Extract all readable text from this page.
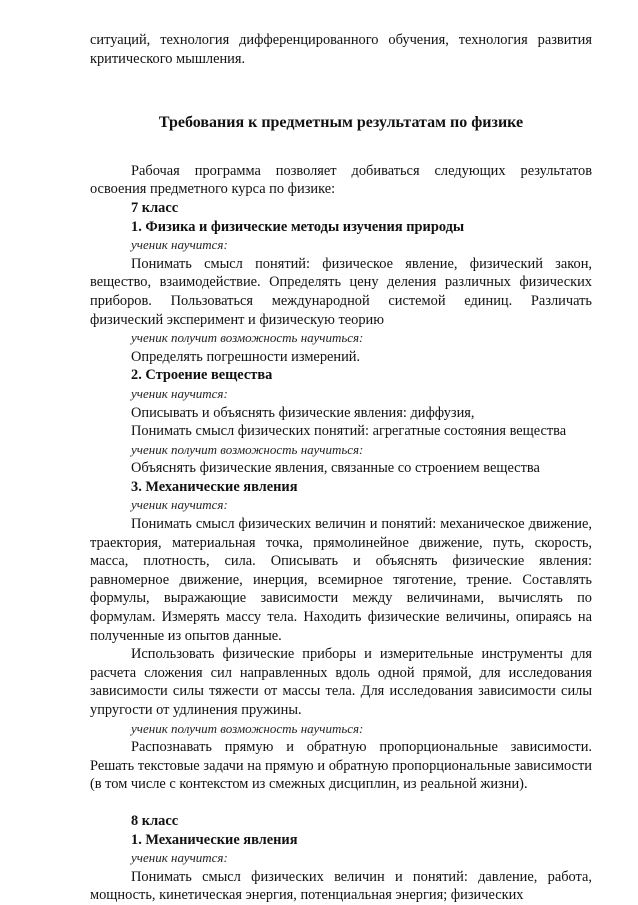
ситуаций, технология дифференцированного обучения, технология развития критического мышления.

Требования к предметным результатам по физике

Рабочая программа позволяет добиваться следующих результатов освоения предметного курса по физике:

7 класс

1. Физика и физические методы изучения природы

ученик научится:

Понимать смысл понятий: физическое явление, физический закон, вещество, взаимодействие. Определять цену деления различных физических приборов. Пользоваться международной системой единиц. Различать физический эксперимент и физическую теорию

ученик получит возможность научиться:

Определять погрешности измерений.

2. Строение вещества

ученик научится:

Описывать и объяснять физические явления: диффузия,

Понимать смысл физических понятий: агрегатные состояния вещества

ученик получит возможность научиться:

Объяснять физические явления, связанные со строением вещества

3. Механические явления

ученик научится:

Понимать смысл физических величин и понятий: механическое движение, траектория, материальная точка, прямолинейное движение, путь, скорость, масса, плотность, сила. Описывать и объяснять физические явления: равномерное движение, инерция, всемирное тяготение, трение. Составлять формулы, выражающие зависимости между величинами, вычислять по формулам. Измерять массу тела. Находить физические величины, опираясь на полученные из опытов данные.

Использовать физические приборы и измерительные инструменты для расчета сложения сил направленных вдоль одной прямой, для исследования зависимости силы тяжести от массы тела. Для исследования зависимости силы упругости от удлинения пружины.

ученик получит возможность научиться:

Распознавать прямую и обратную пропорциональные зависимости. Решать текстовые задачи на прямую и обратную пропорциональные зависимости (в том числе с контекстом из смежных дисциплин, из реальной жизни).

8 класс

1. Механические явления

ученик научится:

Понимать смысл физических величин и понятий: давление, работа, мощность, кинетическая энергия, потенциальная энергия; физических
